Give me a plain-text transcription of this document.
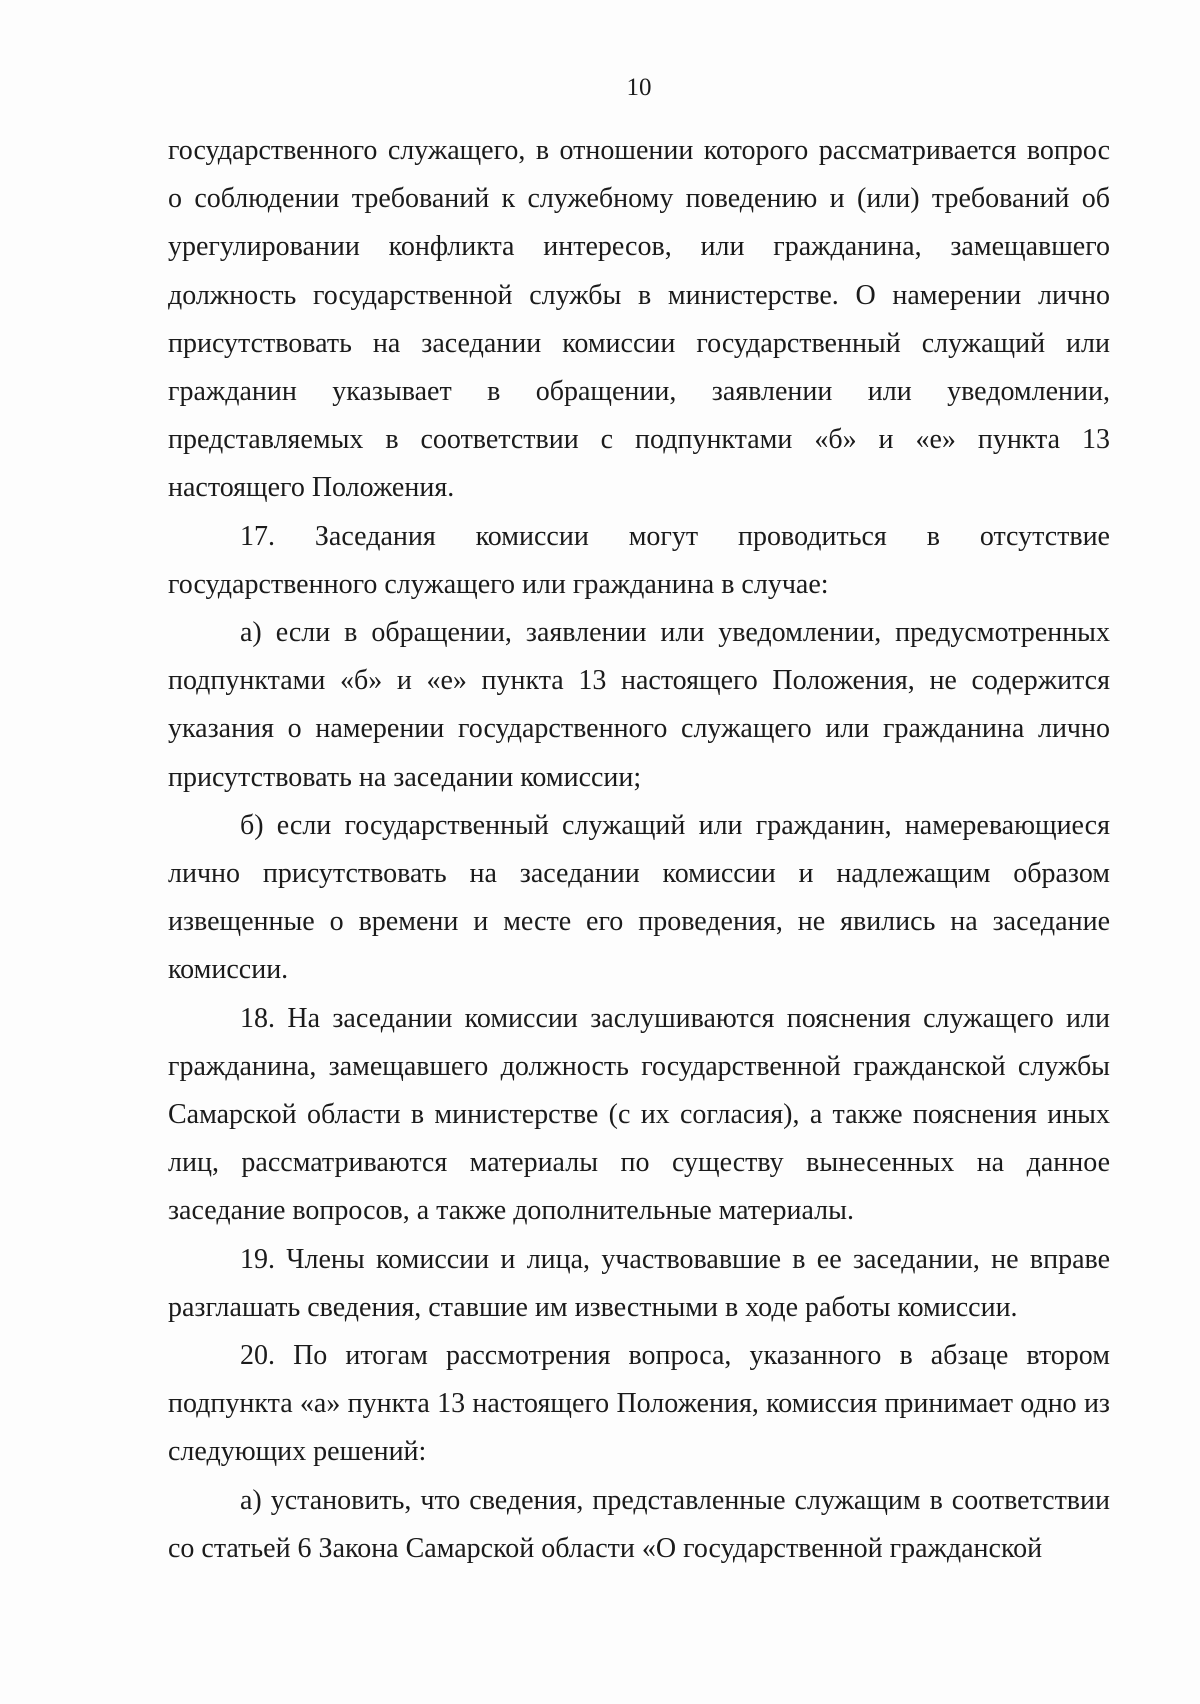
10

государственного служащего, в отношении которого рассматривается вопрос о соблюдении требований к служебному поведению и (или) требований об урегулировании конфликта интересов, или гражданина, замещавшего должность государственной службы в министерстве. О намерении лично присутствовать на заседании комиссии государственный служащий или гражданин указывает в обращении, заявлении или уведомлении, представляемых в соответствии с подпунктами «б» и «е» пункта 13 настоящего Положения.

17. Заседания комиссии могут проводиться в отсутствие государственного служащего или гражданина в случае:

а) если в обращении, заявлении или уведомлении, предусмотренных подпунктами «б» и «е» пункта 13 настоящего Положения, не содержится указания о намерении государственного служащего или гражданина лично присутствовать на заседании комиссии;

б) если государственный служащий или гражданин, намеревающиеся лично присутствовать на заседании комиссии и надлежащим образом извещенные о времени и месте его проведения, не явились на заседание комиссии.

18. На заседании комиссии заслушиваются пояснения служащего или гражданина, замещавшего должность государственной гражданской службы Самарской области в министерстве (с их согласия), а также пояснения иных лиц, рассматриваются материалы по существу вынесенных на данное заседание вопросов, а также дополнительные материалы.

19. Члены комиссии и лица, участвовавшие в ее заседании, не вправе разглашать сведения, ставшие им известными в ходе работы комиссии.

20. По итогам рассмотрения вопроса, указанного в абзаце втором подпункта «а» пункта 13 настоящего Положения, комиссия принимает одно из следующих решений:

а) установить, что сведения, представленные служащим в соответствии со статьей 6 Закона Самарской области «О государственной гражданской
